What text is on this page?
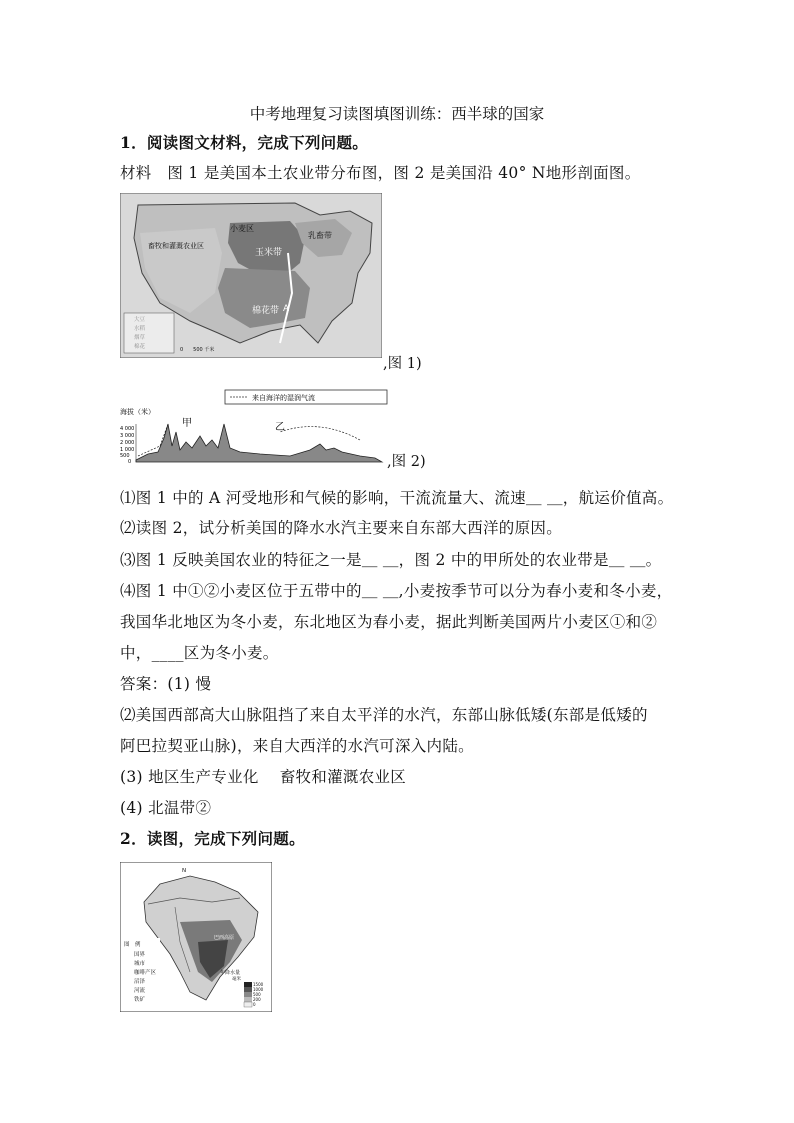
中考地理复习读图填图训练：西半球的国家
1．阅读图文材料，完成下列问题。
材料　图 1 是美国本土农业带分布图，图 2 是美国沿 40° N地形剖面图。
畜牧和灌溉农业区
小麦区
玉米带
棉花带
乳畜带
A
0　　500 千米
,图 1)
来自海洋的湿润气流
海拔（米）
4 000
3 000
2 000
1 000
500
0
甲	乙
,图 2)
⑴图 1 中的 A 河受地形和气候的影响，干流流量大、流速＿ ＿，航运价值高。
⑵读图 2，试分析美国的降水水汽主要来自东部大西洋的原因。
⑶图 1 反映美国农业的特征之一是＿ ＿，图 2 中的甲所处的农业带是＿ ＿。
⑷图 1 中①②小麦区位于五带中的＿ ＿,小麦按季节可以分为春小麦和冬小麦，
我国华北地区为冬小麦，东北地区为春小麦，据此判断美国两片小麦区①和②
中，____区为冬小麦。
答案：(1) 慢
⑵美国西部高大山脉阻挡了来自太平洋的水汽，东部山脉低矮(东部是低矮的
阿巴拉契亚山脉)，来自大西洋的水汽可深入内陆。
(3) 地区生产专业化　 畜牧和灌溉农业区
(4) 北温带②
2．读图，完成下列问题。
N
图　例
国界
城市
咖啡产区
沼泽
河流
铁矿
巴西高原
年降水量
毫米
1500
1000
500
200
0
